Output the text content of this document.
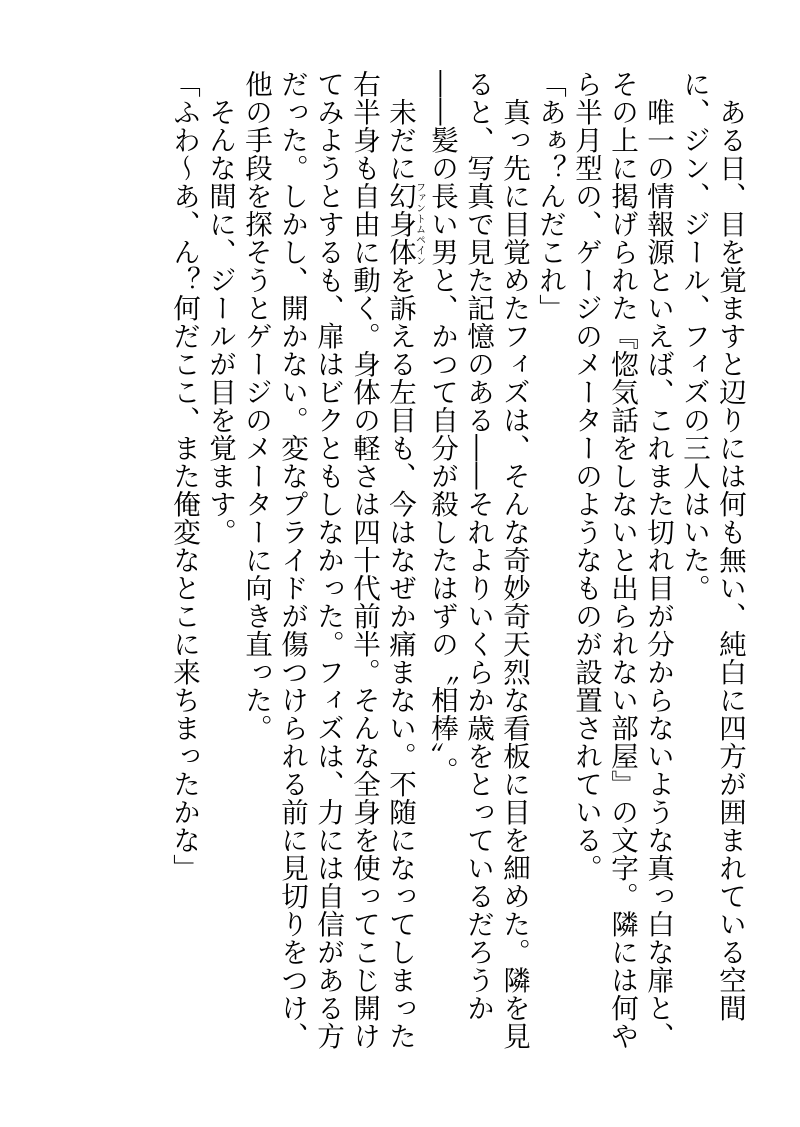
ある日、目を覚ますと辺りには何も無い、純白に四方が囲まれている空間に、ジン、ジール、フィズの三人はいた。

唯一の情報源といえば、これまた切れ目が分からないような真っ白な扉と、その上に掲げられた『惚気話をしないと出られない部屋』の文字。隣には何やら半月型の、ゲージのメーターのようなものが設置されている。

「あぁ？んだこれ」

真っ先に目覚めたフィズは、そんな奇妙奇天烈な看板に目を細めた。隣を見ると、写真で見た記憶のある――それよりいくらか歳をとっているだろうか――髪の長い男と、かつて自分が殺したはずの〝相棒〟。

未だに幻身体ファントムペインを訴える左目も、今はなぜか痛まない。不随になってしまった右半身も自由に動く。身体の軽さは四十代前半。そんな全身を使ってこじ開けてみようとするも、扉はビクともしなかった。フィズは、力には自信がある方だった。しかし、開かない。変なプライドが傷つけられる前に見切りをつけ、他の手段を探そうとゲージのメーターに向き直った。

そんな間に、ジールが目を覚ます。

「ふわ～あ、ん？何だここ、また俺変なとこに来ちまったかな」
